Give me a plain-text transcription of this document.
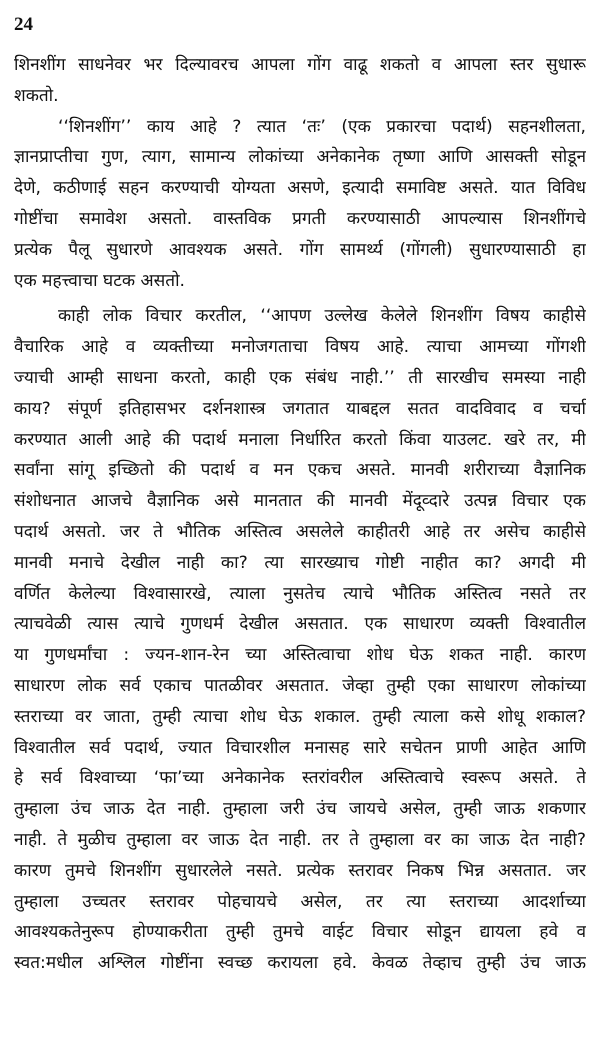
24
शिनशींग साधनेवर भर दिल्यावरच आपला गोंग वाढू शकतो व आपला स्तर सुधारू
शकतो.
‘‘शिनशींग’’ काय आहे ? त्यात ‘तः’ (एक प्रकारचा पदार्थ) सहनशीलता,
ज्ञानप्राप्तीचा गुण, त्याग, सामान्य लोकांच्या अनेकानेक तृष्णा आणि आसक्ती सोडून
देणे, कठीणाई सहन करण्याची योग्यता असणे, इत्यादी समाविष्ट असते. यात विविध
गोष्टींचा समावेश असतो. वास्तविक प्रगती करण्यासाठी आपल्यास शिनशींगचे
प्रत्येक पैलू सुधारणे आवश्यक असते. गोंग सामर्थ्य (गोंगली) सुधारण्यासाठी हा
एक महत्त्वाचा घटक असतो.
काही लोक विचार करतील, ‘‘आपण उल्लेख केलेले शिनशींग विषय काहीसे
वैचारिक आहे व व्यक्तीच्या मनोजगताचा विषय आहे. त्याचा आमच्या गोंगशी
ज्याची आम्ही साधना करतो, काही एक संबंध नाही.’’ ती सारखीच समस्या नाही
काय? संपूर्ण इतिहासभर दर्शनशास्त्र जगतात याबद्दल सतत वादविवाद व चर्चा
करण्यात आली आहे की पदार्थ मनाला निर्धारित करतो किंवा याउलट. खरे तर, मी
सर्वांना सांगू इच्छितो की पदार्थ व मन एकच असते. मानवी शरीराच्या वैज्ञानिक
संशोधनात आजचे वैज्ञानिक असे मानतात की मानवी मेंदूव्दारे उत्पन्न विचार एक
पदार्थ असतो. जर ते भौतिक अस्तित्व असलेले काहीतरी आहे तर असेच काहीसे
मानवी मनाचे देखील नाही का? त्या सारख्याच गोष्टी नाहीत का? अगदी मी
वर्णित केलेल्या विश्वासारखे, त्याला नुसतेच त्याचे भौतिक अस्तित्व नसते तर
त्याचवेळी त्यास त्याचे गुणधर्म देखील असतात. एक साधारण व्यक्ती विश्वातील
या गुणधर्मांचा : ज्यन-शान-रेन च्या अस्तित्वाचा शोध घेऊ शकत नाही. कारण
साधारण लोक सर्व एकाच पातळीवर असतात. जेव्हा तुम्ही एका साधारण लोकांच्या
स्तराच्या वर जाता, तुम्ही त्याचा शोध घेऊ शकाल. तुम्ही त्याला कसे शोधू शकाल?
विश्वातील सर्व पदार्थ, ज्यात विचारशील मनासह सारे सचेतन प्राणी आहेत आणि
हे सर्व विश्वाच्या ‘फा’च्या अनेकानेक स्तरांवरील अस्तित्वाचे स्वरूप असते. ते
तुम्हाला उंच जाऊ देत नाही. तुम्हाला जरी उंच जायचे असेल, तुम्ही जाऊ शकणार
नाही. ते मुळीच तुम्हाला वर जाऊ देत नाही. तर ते तुम्हाला वर का जाऊ देत नाही?
कारण तुमचे शिनशींग सुधारलेले नसते. प्रत्येक स्तरावर निकष भिन्न असतात. जर
तुम्हाला उच्चतर स्तरावर पोहचायचे असेल, तर त्या स्तराच्या आदर्शाच्या
आवश्यकतेनुरूप होण्याकरीता तुम्ही तुमचे वाईट विचार सोडून द्यायला हवे व
स्वत:मधील अश्लिल गोष्टींना स्वच्छ करायला हवे. केवळ तेव्हाच तुम्ही उंच जाऊ
